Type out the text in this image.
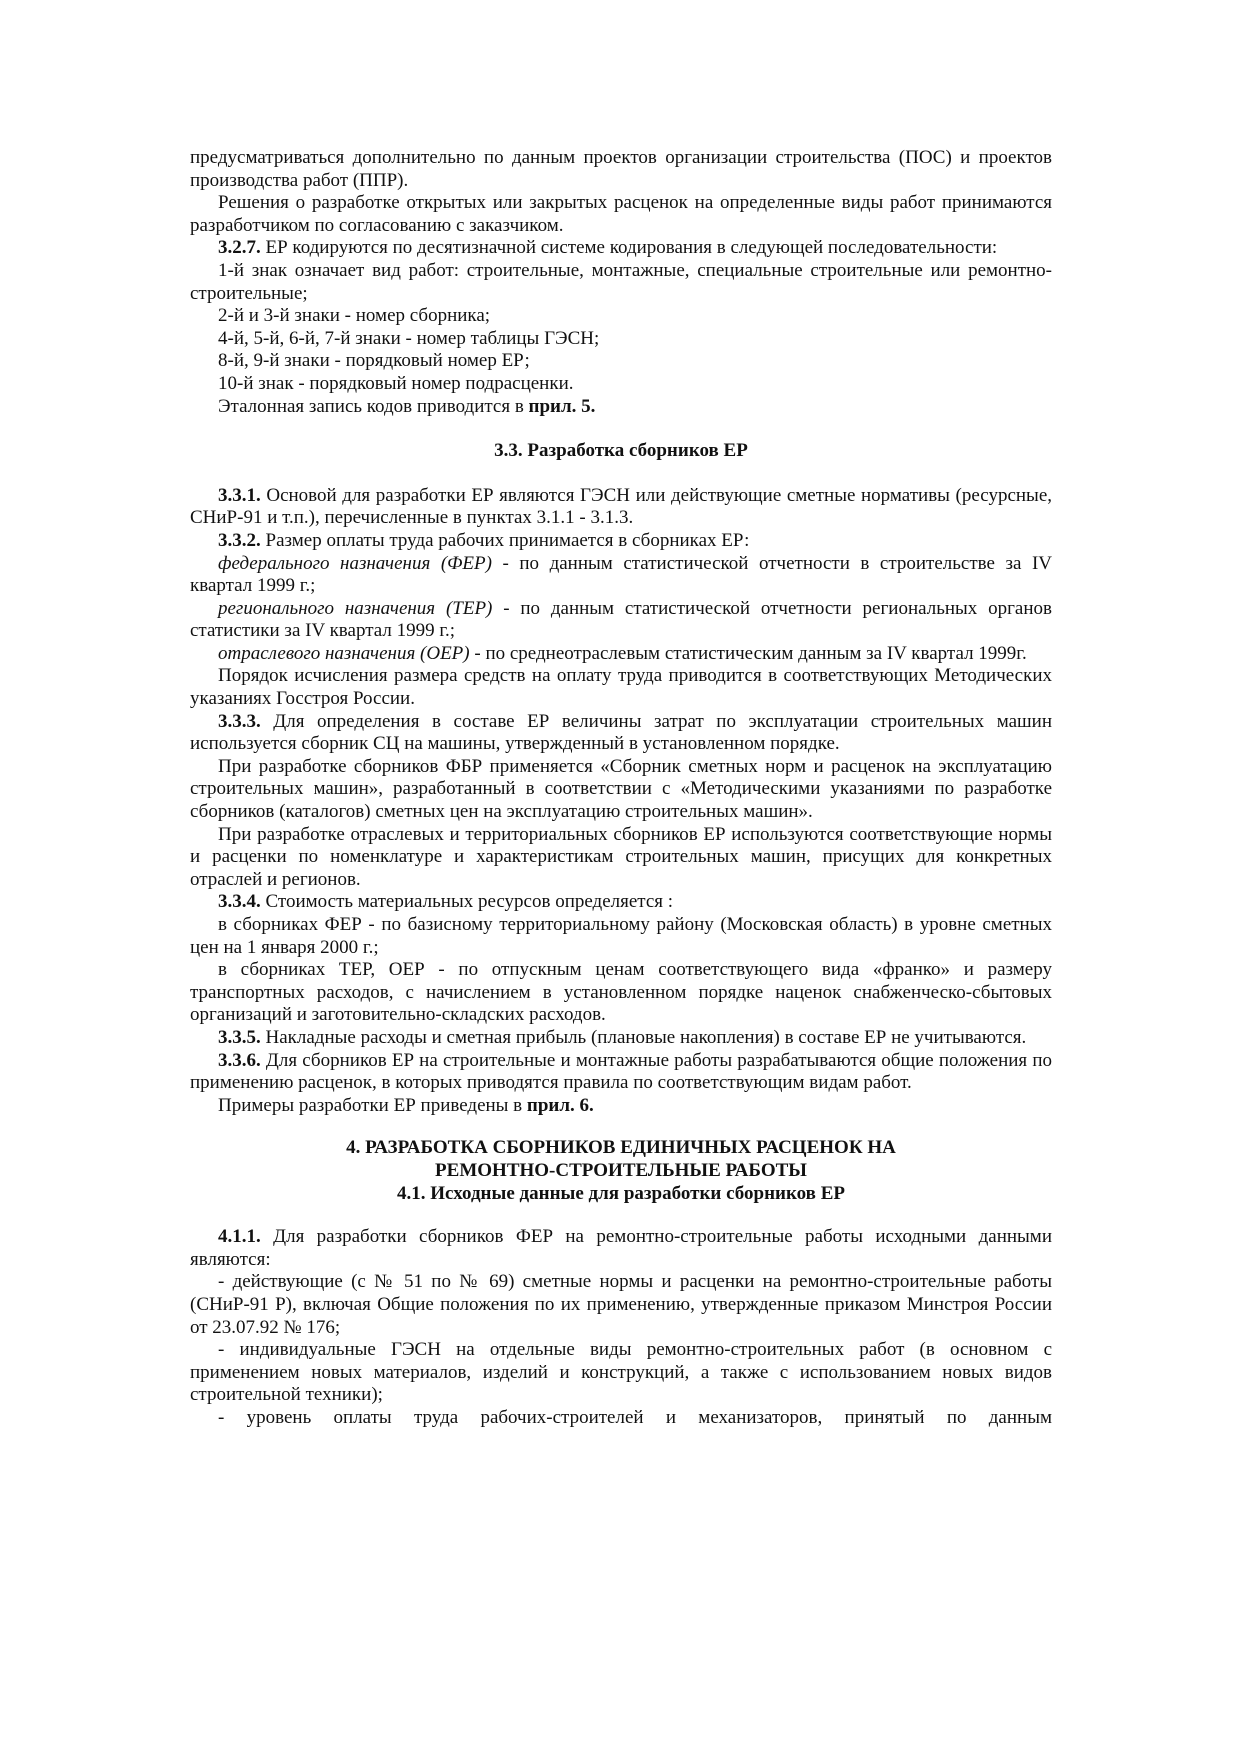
предусматриваться дополнительно по данным проектов организации строительства (ПОС) и проектов производства работ (ППР).

Решения о разработке открытых или закрытых расценок на определенные виды работ принимаются разработчиком по согласованию с заказчиком.

3.2.7. ЕР кодируются по десятизначной системе кодирования в следующей последовательности:

1-й знак означает вид работ: строительные, монтажные, специальные строительные или ремонтно-строительные;

2-й и 3-й знаки - номер сборника;

4-й, 5-й, 6-й, 7-й знаки - номер таблицы ГЭСН;

8-й, 9-й знаки - порядковый номер ЕР;

10-й знак - порядковый номер подрасценки.

Эталонная запись кодов приводится в прил. 5.

3.3. Разработка сборников ЕР

3.3.1. Основой для разработки ЕР являются ГЭСН или действующие сметные нормативы (ресурсные, СНиР-91 и т.п.), перечисленные в пунктах 3.1.1 - 3.1.3.

3.3.2. Размер оплаты труда рабочих принимается в сборниках ЕР:

федерального назначения (ФЕР) - по данным статистической отчетности в строительстве за IV квартал 1999 г.;

регионального назначения (ТЕР) - по данным статистической отчетности региональных органов статистики за IV квартал 1999 г.;

отраслевого назначения (ОЕР) - по среднеотраслевым статистическим данным за IV квартал 1999г.

Порядок исчисления размера средств на оплату труда приводится в соответствующих Методических указаниях Госстроя России.

3.3.3. Для определения в составе ЕР величины затрат по эксплуатации строительных машин используется сборник СЦ на машины, утвержденный в установленном порядке.

При разработке сборников ФБР применяется «Сборник сметных норм и расценок на эксплуатацию строительных машин», разработанный в соответствии с «Методическими указаниями по разработке сборников (каталогов) сметных цен на эксплуатацию строительных машин».

При разработке отраслевых и территориальных сборников ЕР используются соответствующие нормы и расценки по номенклатуре и характеристикам строительных машин, присущих для конкретных отраслей и регионов.

3.3.4. Стоимость материальных ресурсов определяется :

в сборниках ФЕР - по базисному территориальному району (Московская область) в уровне сметных цен на 1 января 2000 г.;

в сборниках ТЕР, ОЕР - по отпускным ценам соответствующего вида «франко» и размеру транспортных расходов, с начислением в установленном порядке наценок снабженческо-сбытовых организаций и заготовительно-складских расходов.

3.3.5. Накладные расходы и сметная прибыль (плановые накопления) в составе ЕР не учитываются.

3.3.6. Для сборников ЕР на строительные и монтажные работы разрабатываются общие положения по применению расценок, в которых приводятся правила по соответствующим видам работ.

Примеры разработки ЕР приведены в прил. 6.

4. РАЗРАБОТКА СБОРНИКОВ ЕДИНИЧНЫХ РАСЦЕНОК НА
РЕМОНТНО-СТРОИТЕЛЬНЫЕ РАБОТЫ
4.1. Исходные данные для разработки сборников ЕР

4.1.1. Для разработки сборников ФЕР на ремонтно-строительные работы исходными данными являются:

- действующие (с № 51 по № 69) сметные нормы и расценки на ремонтно-строительные работы (СНиР-91 Р), включая Общие положения по их применению, утвержденные приказом Минстроя России от 23.07.92 № 176;

- индивидуальные ГЭСН на отдельные виды ремонтно-строительных работ (в основном с применением новых материалов, изделий и конструкций, а также с использованием новых видов строительной техники);

- уровень оплаты труда рабочих-строителей и механизаторов, принятый по данным
